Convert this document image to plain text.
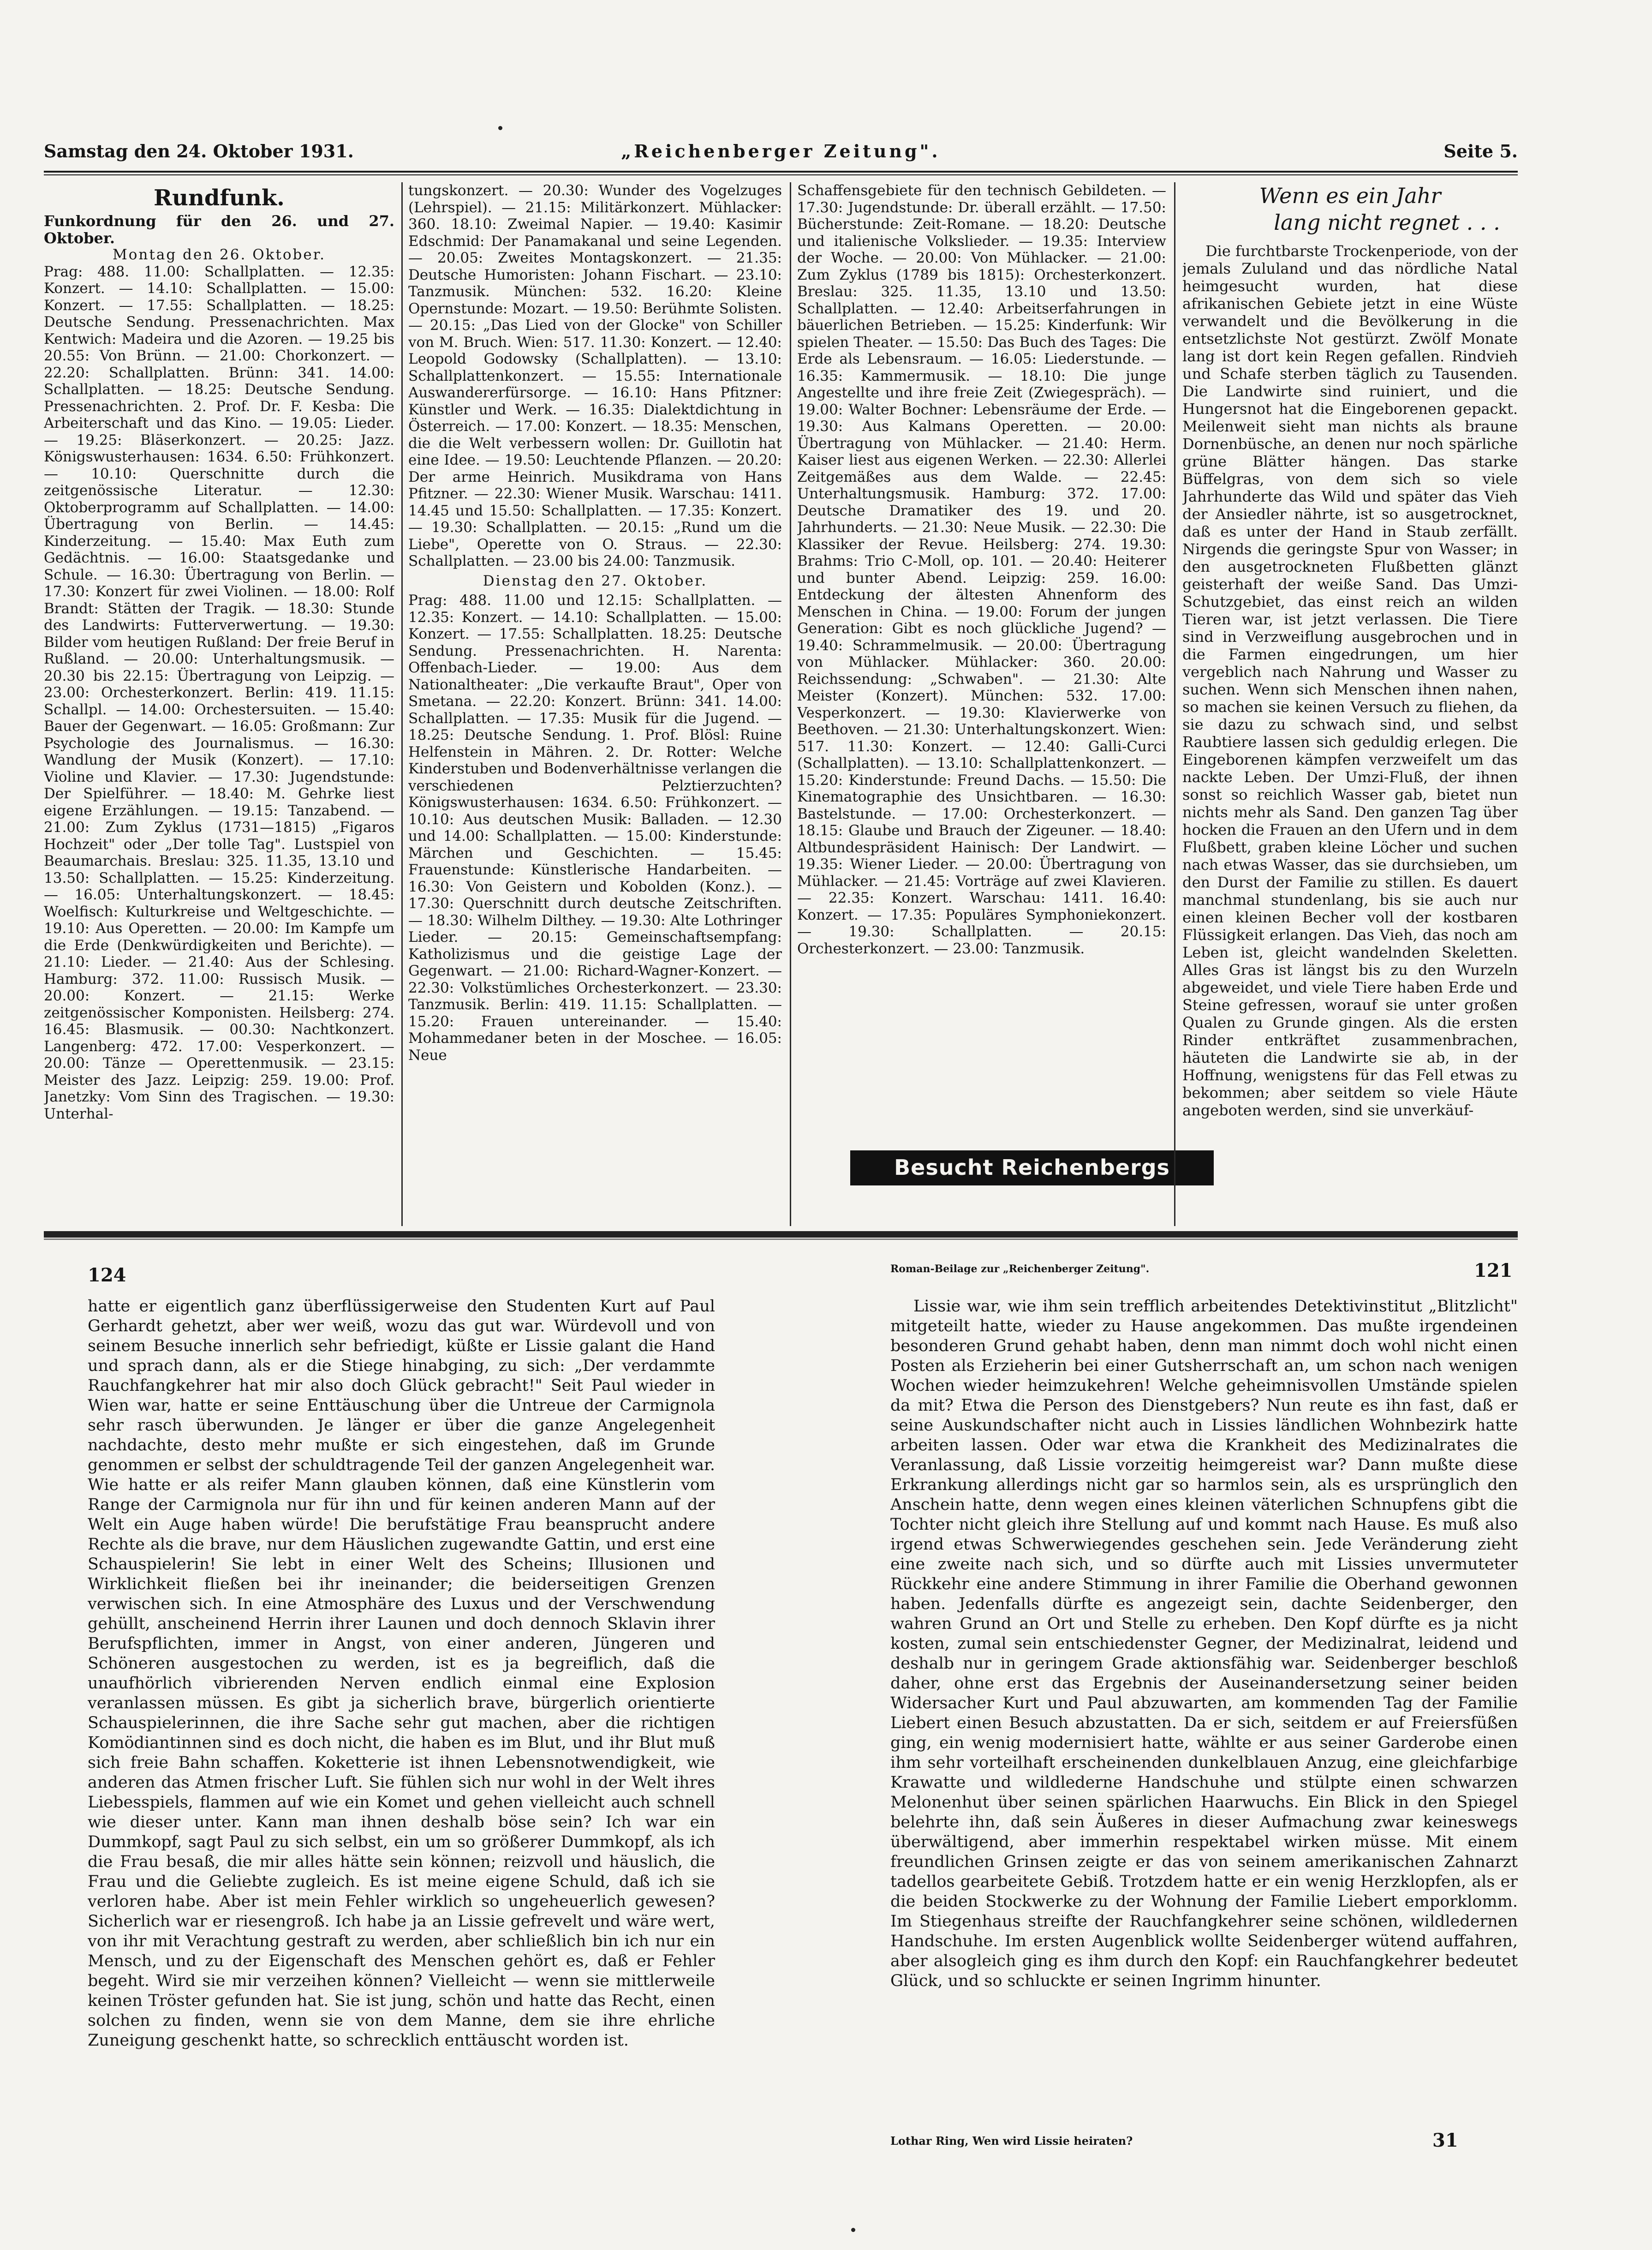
Samstag den 24. Oktober 1931.	„Reichenberger Zeitung".	Seite 5.
Rundfunk.
Funkordnung für den 26. und 27. Oktober.
Montag den 26. Oktober.

Prag: 488. 11.00: Schallplatten. — 12.35: Konzert. — 14.10: Schallplatten. — 15.00: Konzert. — 17.55: Schallplatten. — 18.25: Deutsche Sendung. Pressenachrichten. Max Kentwich: Madeira und die Azoren. — 19.25 bis 20.55: Von Brünn. — 21.00: Chorkonzert. — 22.20: Schallplatten. Brünn: 341. 14.00: Schallplatten. — 18.25: Deutsche Sendung. Pressenachrichten. 2. Prof. Dr. F. Kesba: Die Arbeiterschaft und das Kino. — 19.05: Lieder. — 19.25: Bläserkonzert. — 20.25: Jazz. Königswusterhausen: 1634. 6.50: Frühkonzert. — 10.10: Querschnitte durch die zeitgenössische Literatur. — 12.30: Oktoberprogramm auf Schallplatten. — 14.00: Übertragung von Berlin. — 14.45: Kinderzeitung. — 15.40: Max Euth zum Gedächtnis. — 16.00: Staatsgedanke und Schule. — 16.30: Übertragung von Berlin. — 17.30: Konzert für zwei Violinen. — 18.00: Rolf Brandt: Stätten der Tragik. — 18.30: Stunde des Landwirts: Futterverwertung. — 19.30: Bilder vom heutigen Rußland: Der freie Beruf in Rußland. — 20.00: Unterhaltungsmusik. — 20.30 bis 22.15: Übertragung von Leipzig. — 23.00: Orchesterkonzert. Berlin: 419. 11.15: Schallpl. — 14.00: Orchestersuiten. — 15.40: Bauer der Gegenwart. — 16.05: Großmann: Zur Psychologie des Journalismus. — 16.30: Wandlung der Musik (Konzert). — 17.10: Violine und Klavier. — 17.30: Jugendstunde: Der Spielführer. — 18.40: M. Gehrke liest eigene Erzählungen. — 19.15: Tanzabend. — 21.00: Zum Zyklus (1731—1815) „Figaros Hochzeit" oder „Der tolle Tag". Lustspiel von Beaumarchais. Breslau: 325. 11.35, 13.10 und 13.50: Schallplatten. — 15.25: Kinderzeitung. — 16.05: Unterhaltungskonzert. — 18.45: Woelfisch: Kulturkreise und Weltgeschichte. — 19.10: Aus Operetten. — 20.00: Im Kampfe um die Erde (Denkwürdigkeiten und Berichte). — 21.10: Lieder. — 21.40: Aus der Schlesing. Hamburg: 372. 11.00: Russisch Musik. — 20.00: Konzert. — 21.15: Werke zeitgenössischer Komponisten. Heilsberg: 274. 16.45: Blasmusik. — 00.30: Nachtkonzert. Langenberg: 472. 17.00: Vesperkonzert. — 20.00: Tänze — Operettenmusik. — 23.15: Meister des Jazz. Leipzig: 259. 19.00: Prof. Janetzky: Vom Sinn des Tragischen. — 19.30: Unterhal-

tungskonzert. — 20.30: Wunder des Vogelzuges (Lehrspiel). — 21.15: Militärkonzert. Mühlacker: 360. 18.10: Zweimal Napier. — 19.40: Kasimir Edschmid: Der Panamakanal und seine Legenden. — 20.05: Zweites Montagskonzert. — 21.35: Deutsche Humoristen: Johann Fischart. — 23.10: Tanzmusik. München: 532. 16.20: Kleine Opernstunde: Mozart. — 19.50: Berühmte Solisten. — 20.15: „Das Lied von der Glocke" von Schiller von M. Bruch. Wien: 517. 11.30: Konzert. — 12.40: Leopold Godowsky (Schallplatten). — 13.10: Schallplattenkonzert. — 15.55: Internationale Auswandererfürsorge. — 16.10: Hans Pfitzner: Künstler und Werk. — 16.35: Dialektdichtung in Österreich. — 17.00: Konzert. — 18.35: Menschen, die die Welt verbessern wollen: Dr. Guillotin hat eine Idee. — 19.50: Leuchtende Pflanzen. — 20.20: Der arme Heinrich. Musikdrama von Hans Pfitzner. — 22.30: Wiener Musik. Warschau: 1411. 14.45 und 15.50: Schallplatten. — 17.35: Konzert. — 19.30: Schallplatten. — 20.15: „Rund um die Liebe", Operette von O. Straus. — 22.30: Schallplatten. — 23.00 bis 24.00: Tanzmusik.

Dienstag den 27. Oktober.

Prag: 488. 11.00 und 12.15: Schallplatten. — 12.35: Konzert. — 14.10: Schallplatten. — 15.00: Konzert. — 17.55: Schallplatten. 18.25: Deutsche Sendung. Pressenachrichten. H. Narenta: Offenbach-Lieder. — 19.00: Aus dem Nationaltheater: „Die verkaufte Braut", Oper von Smetana. — 22.20: Konzert. Brünn: 341. 14.00: Schallplatten. — 17.35: Musik für die Jugend. — 18.25: Deutsche Sendung. 1. Prof. Blösl: Ruine Helfenstein in Mähren. 2. Dr. Rotter: Welche Kinderstuben und Bodenverhältnisse verlangen die verschiedenen Pelztierzuchten? Königswusterhausen: 1634. 6.50: Frühkonzert. — 10.10: Aus deutschen Musik: Balladen. — 12.30 und 14.00: Schallplatten. — 15.00: Kinderstunde: Märchen und Geschichten. — 15.45: Frauenstunde: Künstlerische Handarbeiten. — 16.30: Von Geistern und Kobolden (Konz.). — 17.30: Querschnitt durch deutsche Zeitschriften. — 18.30: Wilhelm Dilthey. — 19.30: Alte Lothringer Lieder. — 20.15: Gemeinschaftsempfang: Katholizismus und die geistige Lage der Gegenwart. — 21.00: Richard-Wagner-Konzert. — 22.30: Volkstümliches Orchesterkonzert. — 23.30: Tanzmusik. Berlin: 419. 11.15: Schallplatten. — 15.20: Frauen untereinander. — 15.40: Mohammedaner beten in der Moschee. — 16.05: Neue

Schaffensgebiete für den technisch Gebildeten. — 17.30: Jugendstunde: Dr. überall erzählt. — 17.50: Bücherstunde: Zeit-Romane. — 18.20: Deutsche und italienische Volkslieder. — 19.35: Interview der Woche. — 20.00: Von Mühlacker. — 21.00: Zum Zyklus (1789 bis 1815): Orchesterkonzert. Breslau: 325. 11.35, 13.10 und 13.50: Schallplatten. — 12.40: Arbeitserfahrungen in bäuerlichen Betrieben. — 15.25: Kinderfunk: Wir spielen Theater. — 15.50: Das Buch des Tages: Die Erde als Lebensraum. — 16.05: Liederstunde. — 16.35: Kammermusik. — 18.10: Die junge Angestellte und ihre freie Zeit (Zwiegespräch). — 19.00: Walter Bochner: Lebensräume der Erde. — 19.30: Aus Kalmans Operetten. — 20.00: Übertragung von Mühlacker. — 21.40: Herm. Kaiser liest aus eigenen Werken. — 22.30: Allerlei Zeitgemäßes aus dem Walde. — 22.45: Unterhaltungsmusik. Hamburg: 372. 17.00: Deutsche Dramatiker des 19. und 20. Jahrhunderts. — 21.30: Neue Musik. — 22.30: Die Klassiker der Revue. Heilsberg: 274. 19.30: Brahms: Trio C-Moll, op. 101. — 20.40: Heiterer und bunter Abend. Leipzig: 259. 16.00: Entdeckung der ältesten Ahnenform des Menschen in China. — 19.00: Forum der jungen Generation: Gibt es noch glückliche Jugend? — 19.40: Schrammelmusik. — 20.00: Übertragung von Mühlacker. Mühlacker: 360. 20.00: Reichssendung: „Schwaben". — 21.30: Alte Meister (Konzert). München: 532. 17.00: Vesperkonzert. — 19.30: Klavierwerke von Beethoven. — 21.30: Unterhaltungskonzert. Wien: 517. 11.30: Konzert. — 12.40: Galli-Curci (Schallplatten). — 13.10: Schallplattenkonzert. — 15.20: Kinderstunde: Freund Dachs. — 15.50: Die Kinematographie des Unsichtbaren. — 16.30: Bastelstunde. — 17.00: Orchesterkonzert. — 18.15: Glaube und Brauch der Zigeuner. — 18.40: Altbundespräsident Hainisch: Der Landwirt. — 19.35: Wiener Lieder. — 20.00: Übertragung von Mühlacker. — 21.45: Vorträge auf zwei Klavieren. — 22.35: Konzert. Warschau: 1411. 16.40: Konzert. — 17.35: Populäres Symphoniekonzert. — 19.30: Schallplatten. — 20.15: Orchesterkonzert. — 23.00: Tanzmusik.

Besucht Reichenbergs Tiergarten!
Wenn es ein Jahr
lang nicht regnet . . .

Die furchtbarste Trockenperiode, von der jemals Zululand und das nördliche Natal heimgesucht wurden, hat diese afrikanischen Gebiete jetzt in eine Wüste verwandelt und die Bevölkerung in die entsetzlichste Not gestürzt. Zwölf Monate lang ist dort kein Regen gefallen. Rindvieh und Schafe sterben täglich zu Tausenden. Die Landwirte sind ruiniert, und die Hungersnot hat die Eingeborenen gepackt. Meilenweit sieht man nichts als braune Dornenbüsche, an denen nur noch spärliche grüne Blätter hängen. Das starke Büffelgras, von dem sich so viele Jahrhunderte das Wild und später das Vieh der Ansiedler nährte, ist so ausgetrocknet, daß es unter der Hand in Staub zerfällt. Nirgends die geringste Spur von Wasser; in den ausgetrockneten Flußbetten glänzt geisterhaft der weiße Sand. Das Umzi-Schutzgebiet, das einst reich an wilden Tieren war, ist jetzt verlassen. Die Tiere sind in Verzweiflung ausgebrochen und in die Farmen eingedrungen, um hier vergeblich nach Nahrung und Wasser zu suchen. Wenn sich Menschen ihnen nahen, so machen sie keinen Versuch zu fliehen, da sie dazu zu schwach sind, und selbst Raubtiere lassen sich geduldig erlegen. Die Eingeborenen kämpfen verzweifelt um das nackte Leben. Der Umzi-Fluß, der ihnen sonst so reichlich Wasser gab, bietet nun nichts mehr als Sand. Den ganzen Tag über hocken die Frauen an den Ufern und in dem Flußbett, graben kleine Löcher und suchen nach etwas Wasser, das sie durchsieben, um den Durst der Familie zu stillen. Es dauert manchmal stundenlang, bis sie auch nur einen kleinen Becher voll der kostbaren Flüssigkeit erlangen. Das Vieh, das noch am Leben ist, gleicht wandelnden Skeletten. Alles Gras ist längst bis zu den Wurzeln abgeweidet, und viele Tiere haben Erde und Steine gefressen, worauf sie unter großen Qualen zu Grunde gingen. Als die ersten Rinder entkräftet zusammenbrachen, häuteten die Landwirte sie ab, in der Hoffnung, wenigstens für das Fell etwas zu bekommen; aber seitdem so viele Häute angeboten werden, sind sie unverkäuf-

124	Roman-Beilage zur „Reichenberger Zeitung".	121

hatte er eigentlich ganz überflüssigerweise den Studenten Kurt auf Paul Gerhardt gehetzt, aber wer weiß, wozu das gut war. Würdevoll und von seinem Besuche innerlich sehr befriedigt, küßte er Lissie galant die Hand und sprach dann, als er die Stiege hinabging, zu sich: „Der verdammte Rauchfangkehrer hat mir also doch Glück gebracht!" Seit Paul wieder in Wien war, hatte er seine Enttäuschung über die Untreue der Carmignola sehr rasch überwunden. Je länger er über die ganze Angelegenheit nachdachte, desto mehr mußte er sich eingestehen, daß im Grunde genommen er selbst der schuldtragende Teil der ganzen Angelegenheit war. Wie hatte er als reifer Mann glauben können, daß eine Künstlerin vom Range der Carmignola nur für ihn und für keinen anderen Mann auf der Welt ein Auge haben würde! Die berufstätige Frau beansprucht andere Rechte als die brave, nur dem Häuslichen zugewandte Gattin, und erst eine Schauspielerin! Sie lebt in einer Welt des Scheins; Illusionen und Wirklichkeit fließen bei ihr ineinander; die beiderseitigen Grenzen verwischen sich. In eine Atmosphäre des Luxus und der Verschwendung gehüllt, anscheinend Herrin ihrer Launen und doch dennoch Sklavin ihrer Berufspflichten, immer in Angst, von einer anderen, Jüngeren und Schöneren ausgestochen zu werden, ist es ja begreiflich, daß die unaufhörlich vibrierenden Nerven endlich einmal eine Explosion veranlassen müssen. Es gibt ja sicherlich brave, bürgerlich orientierte Schauspielerinnen, die ihre Sache sehr gut machen, aber die richtigen Komödiantinnen sind es doch nicht, die haben es im Blut, und ihr Blut muß sich freie Bahn schaffen. Koketterie ist ihnen Lebensnotwendigkeit, wie anderen das Atmen frischer Luft. Sie fühlen sich nur wohl in der Welt ihres Liebesspiels, flammen auf wie ein Komet und gehen vielleicht auch schnell wie dieser unter. Kann man ihnen deshalb böse sein? Ich war ein Dummkopf, sagt Paul zu sich selbst, ein um so größerer Dummkopf, als ich die Frau besaß, die mir alles hätte sein können; reizvoll und häuslich, die Frau und die Geliebte zugleich. Es ist meine eigene Schuld, daß ich sie verloren habe. Aber ist mein Fehler wirklich so ungeheuerlich gewesen? Sicherlich war er riesengroß. Ich habe ja an Lissie gefrevelt und wäre wert, von ihr mit Verachtung gestraft zu werden, aber schließlich bin ich nur ein Mensch, und zu der Eigenschaft des Menschen gehört es, daß er Fehler begeht. Wird sie mir verzeihen können? Vielleicht — wenn sie mittlerweile keinen Tröster gefunden hat. Sie ist jung, schön und hatte das Recht, einen solchen zu finden, wenn sie von dem Manne, dem sie ihre ehrliche Zuneigung geschenkt hatte, so schrecklich enttäuscht worden ist.

Lissie war, wie ihm sein trefflich arbeitendes Detektivinstitut „Blitzlicht" mitgeteilt hatte, wieder zu Hause angekommen. Das mußte irgendeinen besonderen Grund gehabt haben, denn man nimmt doch wohl nicht einen Posten als Erzieherin bei einer Gutsherrschaft an, um schon nach wenigen Wochen wieder heimzukehren! Welche geheimnisvollen Umstände spielen da mit? Etwa die Person des Dienstgebers? Nun reute es ihn fast, daß er seine Auskundschafter nicht auch in Lissies ländlichen Wohnbezirk hatte arbeiten lassen. Oder war etwa die Krankheit des Medizinalrates die Veranlassung, daß Lissie vorzeitig heimgereist war? Dann mußte diese Erkrankung allerdings nicht gar so harmlos sein, als es ursprünglich den Anschein hatte, denn wegen eines kleinen väterlichen Schnupfens gibt die Tochter nicht gleich ihre Stellung auf und kommt nach Hause. Es muß also irgend etwas Schwerwiegendes geschehen sein. Jede Veränderung zieht eine zweite nach sich, und so dürfte auch mit Lissies unvermuteter Rückkehr eine andere Stimmung in ihrer Familie die Oberhand gewonnen haben. Jedenfalls dürfte es angezeigt sein, dachte Seidenberger, den wahren Grund an Ort und Stelle zu erheben. Den Kopf dürfte es ja nicht kosten, zumal sein entschiedenster Gegner, der Medizinalrat, leidend und deshalb nur in geringem Grade aktionsfähig war. Seidenberger beschloß daher, ohne erst das Ergebnis der Auseinandersetzung seiner beiden Widersacher Kurt und Paul abzuwarten, am kommenden Tag der Familie Liebert einen Besuch abzustatten. Da er sich, seitdem er auf Freiersfüßen ging, ein wenig modernisiert hatte, wählte er aus seiner Garderobe einen ihm sehr vorteilhaft erscheinenden dunkelblauen Anzug, eine gleichfarbige Krawatte und wildlederne Handschuhe und stülpte einen schwarzen Melonenhut über seinen spärlichen Haarwuchs. Ein Blick in den Spiegel belehrte ihn, daß sein Äußeres in dieser Aufmachung zwar keineswegs überwältigend, aber immerhin respektabel wirken müsse. Mit einem freundlichen Grinsen zeigte er das von seinem amerikanischen Zahnarzt tadellos gearbeitete Gebiß. Trotzdem hatte er ein wenig Herzklopfen, als er die beiden Stockwerke zu der Wohnung der Familie Liebert emporklomm. Im Stiegenhaus streifte der Rauchfangkehrer seine schönen, wildledernen Handschuhe. Im ersten Augenblick wollte Seidenberger wütend auffahren, aber alsogleich ging es ihm durch den Kopf: ein Rauchfangkehrer bedeutet Glück, und so schluckte er seinen Ingrimm hinunter.

Lothar Ring, Wen wird Lissie heiraten?	31
